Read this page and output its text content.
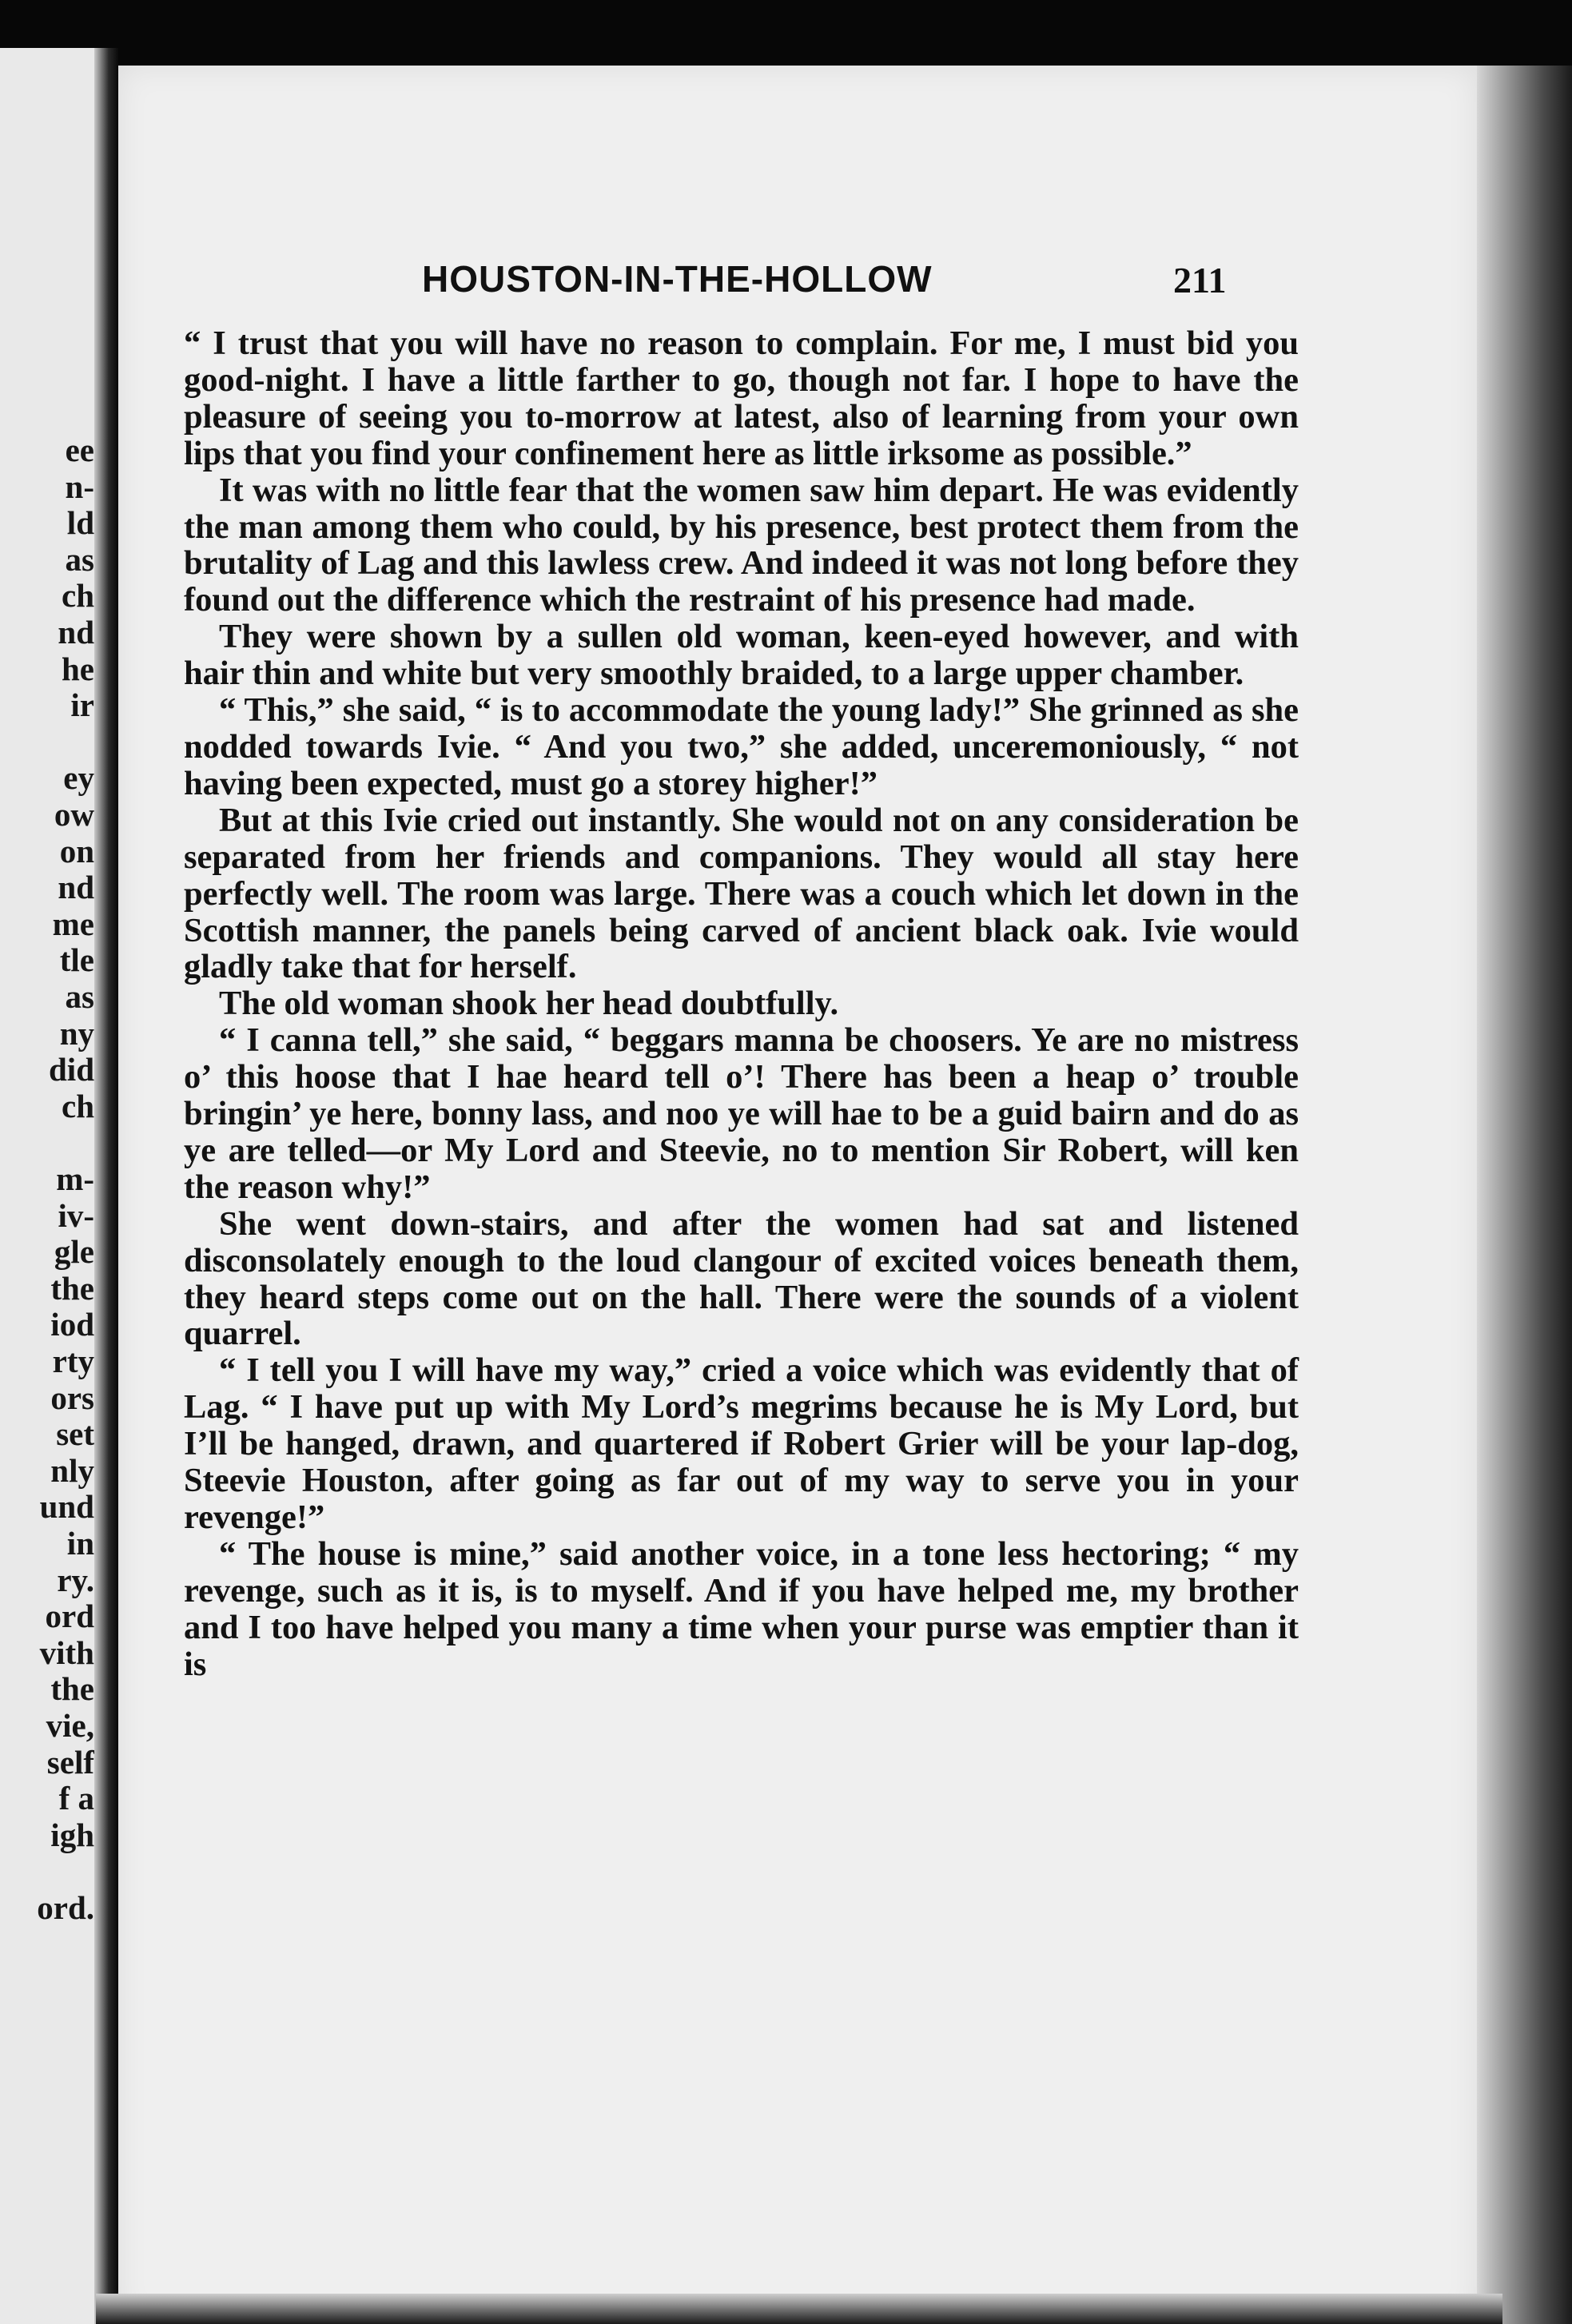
ee
n-
ld
as
ch
nd
he
ir
ey
ow
on
nd
me
tle
as
ny
did
ch
m-
iv-
gle
the
iod
rty
ors
set
nly
und
in
ry.
ord
vith
the
vie,
self
f a
igh
ord.
HOUSTON-IN-THE-HOLLOW	211

“ I trust that you will have no reason to complain. For me, I must bid you good-night. I have a little farther to go, though not far. I hope to have the pleasure of seeing you to-morrow at latest, also of learning from your own lips that you find your confinement here as little irksome as possible.”

It was with no little fear that the women saw him depart. He was evidently the man among them who could, by his presence, best protect them from the brutality of Lag and this lawless crew. And indeed it was not long before they found out the difference which the restraint of his presence had made.

They were shown by a sullen old woman, keen-eyed however, and with hair thin and white but very smoothly braided, to a large upper chamber.

“ This,” she said, “ is to accommodate the young lady!” She grinned as she nodded towards Ivie. “ And you two,” she added, unceremoniously, “ not having been expected, must go a storey higher!”

But at this Ivie cried out instantly. She would not on any consideration be separated from her friends and companions. They would all stay here perfectly well. The room was large. There was a couch which let down in the Scottish manner, the panels being carved of ancient black oak. Ivie would gladly take that for herself.

The old woman shook her head doubtfully.

“ I canna tell,” she said, “ beggars manna be choosers. Ye are no mistress o’ this hoose that I hae heard tell o’! There has been a heap o’ trouble bringin’ ye here, bonny lass, and noo ye will hae to be a guid bairn and do as ye are telled—or My Lord and Steevie, no to mention Sir Robert, will ken the reason why!”

She went down-stairs, and after the women had sat and listened disconsolately enough to the loud clangour of excited voices beneath them, they heard steps come out on the hall. There were the sounds of a violent quarrel.

“ I tell you I will have my way,” cried a voice which was evidently that of Lag. “ I have put up with My Lord’s megrims because he is My Lord, but I’ll be hanged, drawn, and quartered if Robert Grier will be your lap-dog, Steevie Houston, after going as far out of my way to serve you in your revenge!”

“ The house is mine,” said another voice, in a tone less hectoring; “ my revenge, such as it is, is to myself. And if you have helped me, my brother and I too have helped you many a time when your purse was emptier than it is
